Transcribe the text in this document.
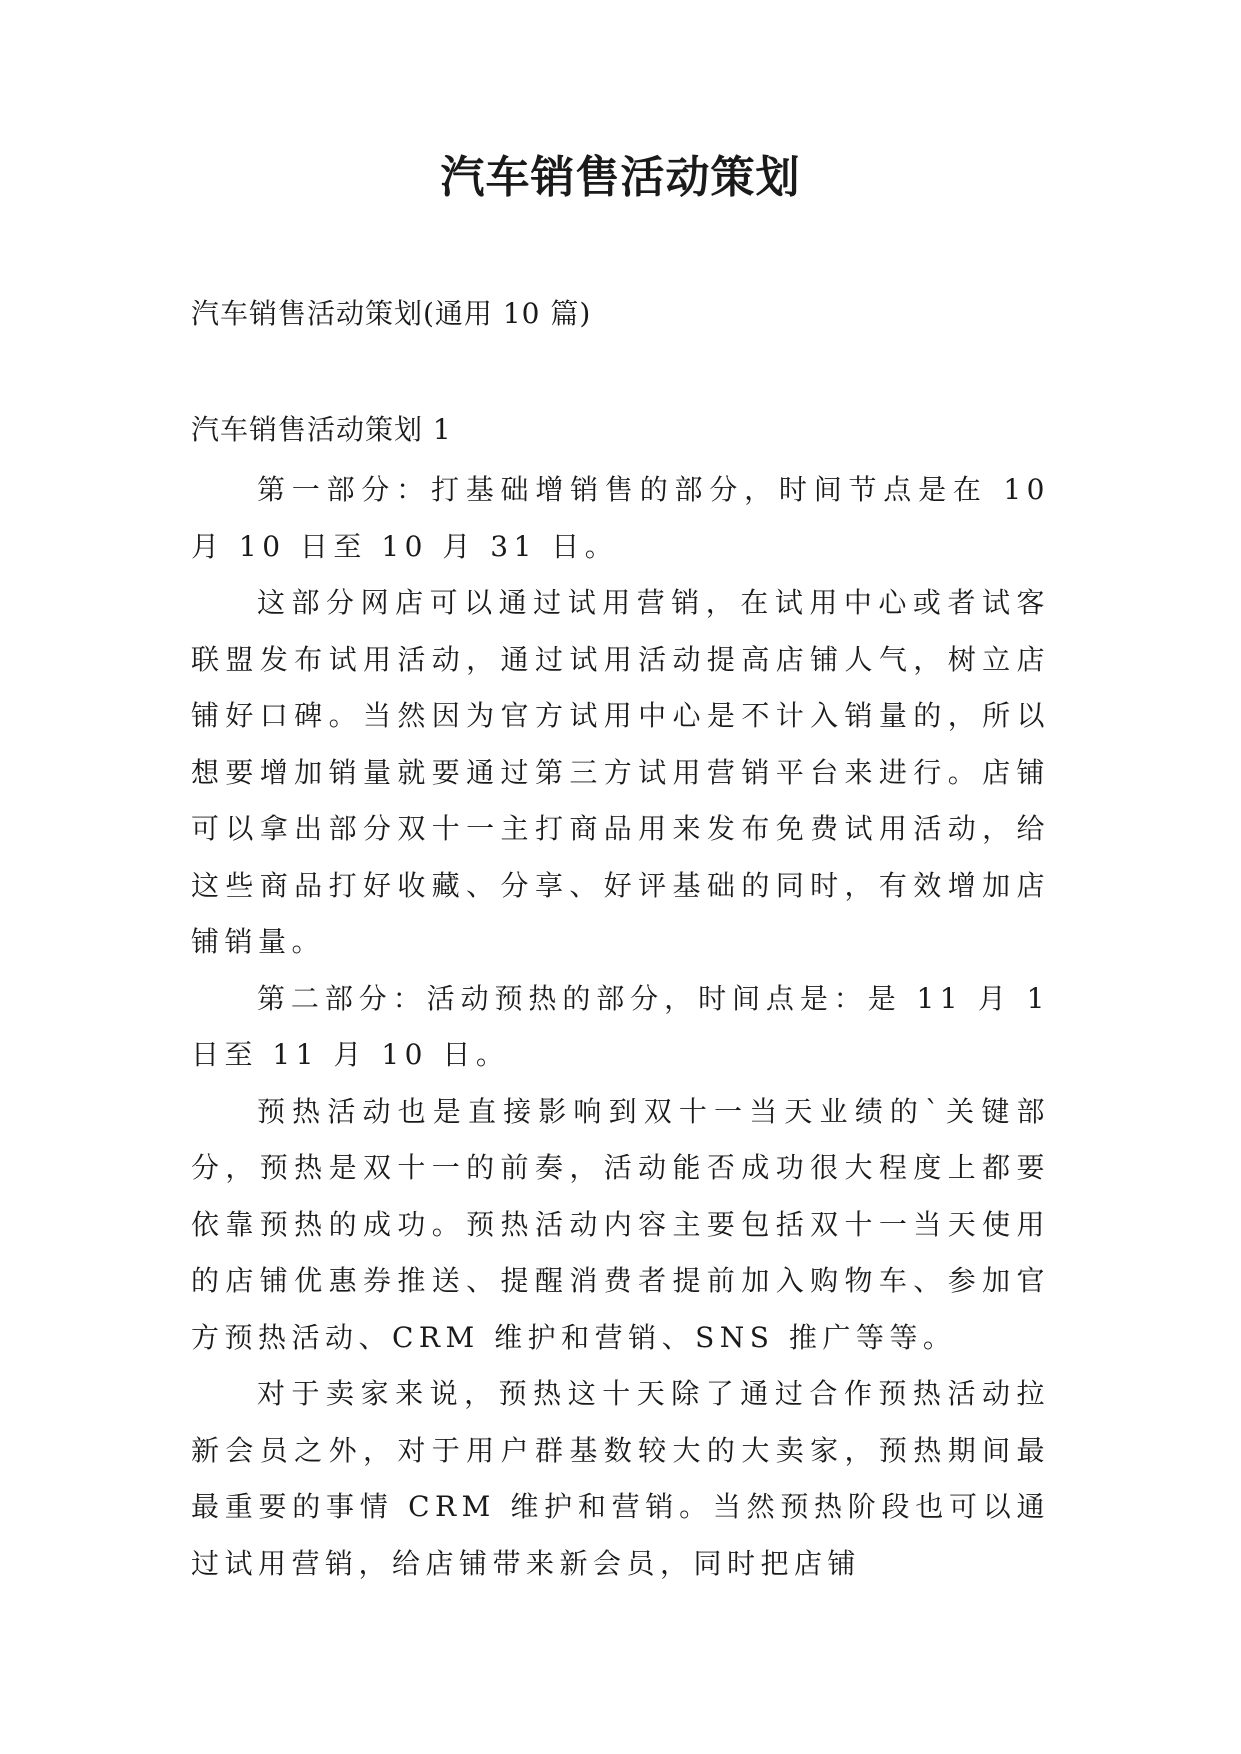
汽车销售活动策划
汽车销售活动策划(通用 10 篇)
汽车销售活动策划 1

第一部分：打基础增销售的部分，时间节点是在 10 月 10 日至 10 月 31 日。

这部分网店可以通过试用营销，在试用中心或者试客联盟发布试用活动，通过试用活动提高店铺人气，树立店铺好口碑。当然因为官方试用中心是不计入销量的，所以想要增加销量就要通过第三方试用营销平台来进行。店铺可以拿出部分双十一主打商品用来发布免费试用活动，给这些商品打好收藏、分享、好评基础的同时，有效增加店铺销量。

第二部分：活动预热的部分，时间点是：是 11 月 1 日至 11 月 10 日。

预热活动也是直接影响到双十一当天业绩的`关键部分，预热是双十一的前奏，活动能否成功很大程度上都要依靠预热的成功。预热活动内容主要包括双十一当天使用的店铺优惠券推送、提醒消费者提前加入购物车、参加官方预热活动、CRM 维护和营销、SNS 推广等等。

对于卖家来说，预热这十天除了通过合作预热活动拉新会员之外，对于用户群基数较大的大卖家，预热期间最最重要的事情 CRM 维护和营销。当然预热阶段也可以通过试用营销，给店铺带来新会员，同时把店铺
